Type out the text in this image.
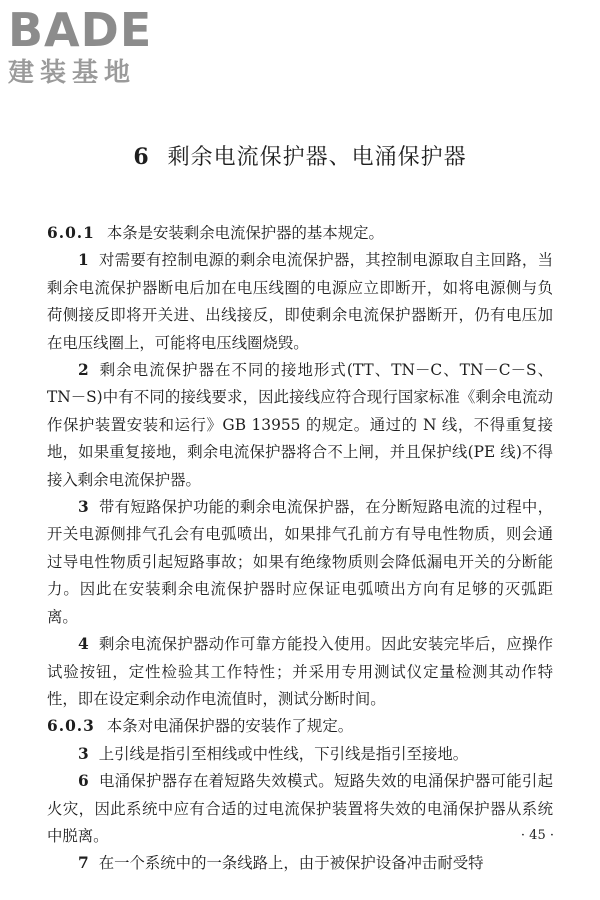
BADE
建装基地
6 剩余电流保护器、电涌保护器

6.0.1 本条是安装剩余电流保护器的基本规定。

1 对需要有控制电源的剩余电流保护器，其控制电源取自主回路，当剩余电流保护器断电后加在电压线圈的电源应立即断开，如将电源侧与负荷侧接反即将开关进、出线接反，即使剩余电流保护器断开，仍有电压加在电压线圈上，可能将电压线圈烧毁。

2 剩余电流保护器在不同的接地形式(TT、TN－C、TN－C－S、TN－S)中有不同的接线要求，因此接线应符合现行国家标准《剩余电流动作保护装置安装和运行》GB 13955 的规定。通过的 N 线，不得重复接地，如果重复接地，剩余电流保护器将合不上闸，并且保护线(PE 线)不得接入剩余电流保护器。

3 带有短路保护功能的剩余电流保护器，在分断短路电流的过程中，开关电源侧排气孔会有电弧喷出，如果排气孔前方有导电性物质，则会通过导电性物质引起短路事故；如果有绝缘物质则会降低漏电开关的分断能力。因此在安装剩余电流保护器时应保证电弧喷出方向有足够的灭弧距离。

4 剩余电流保护器动作可靠方能投入使用。因此安装完毕后，应操作试验按钮，定性检验其工作特性；并采用专用测试仪定量检测其动作特性，即在设定剩余动作电流值时，测试分断时间。

6.0.3 本条对电涌保护器的安装作了规定。

3 上引线是指引至相线或中性线，下引线是指引至接地。

6 电涌保护器存在着短路失效模式。短路失效的电涌保护器可能引起火灾，因此系统中应有合适的过电流保护装置将失效的电涌保护器从系统中脱离。

7 在一个系统中的一条线路上，由于被保护设备冲击耐受特

· 45 ·
